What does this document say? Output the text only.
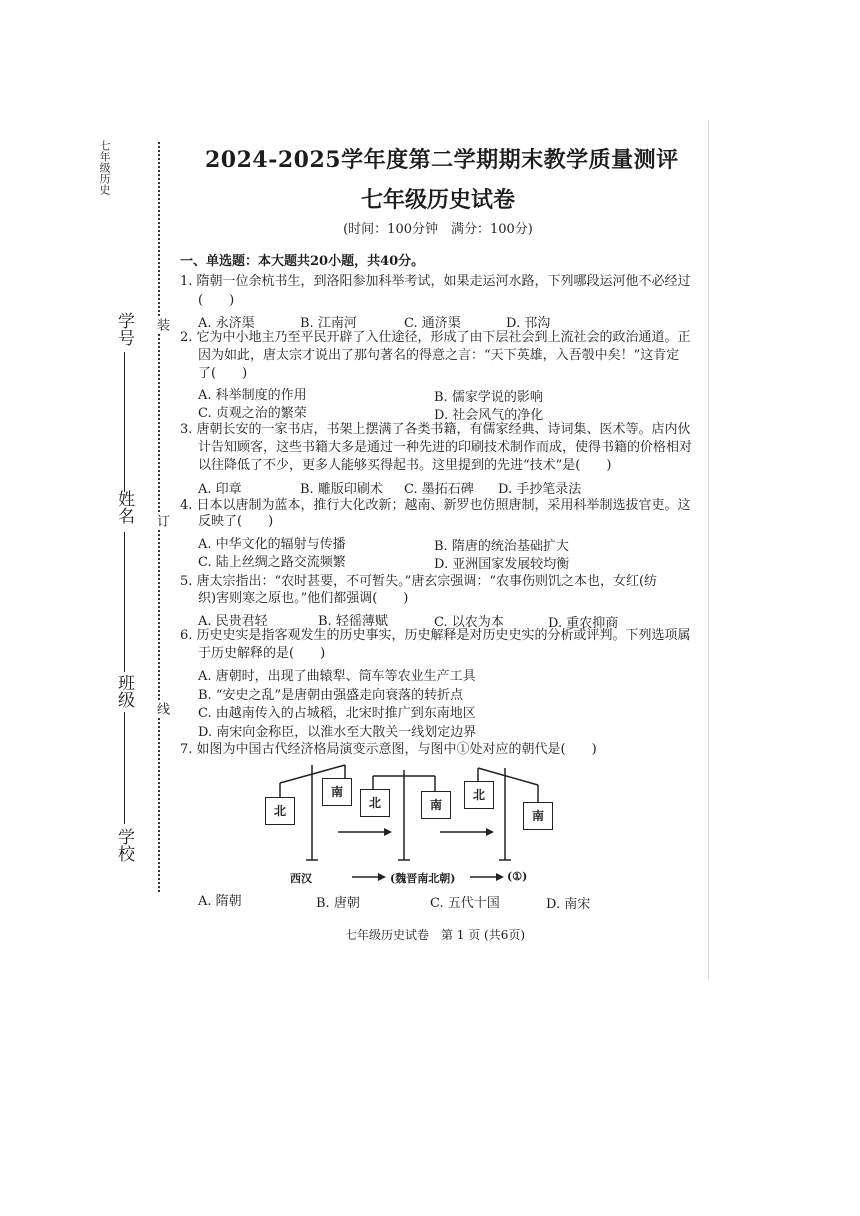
七年级历史
装
订
线
学号
姓名
班级
学校
2024-2025学年度第二学期期末教学质量测评
七年级历史试卷
(时间：100分钟　满分：100分)
一、单选题：本大题共20小题，共40分。
1. 隋朝一位余杭书生，到洛阳参加科举考试，如果走运河水路，下列哪段运河他不必经过
(　　)
A. 永济渠	B. 江南河	C. 通济渠	D. 邗沟
2. 它为中小地主乃至平民开辟了入仕途径，形成了由下层社会到上流社会的政治通道。正
因为如此，唐太宗才说出了那句著名的得意之言：“天下英雄，入吾彀中矣！”这肯定
了(　　)
A. 科举制度的作用	B. 儒家学说的影响
C. 贞观之治的繁荣	D. 社会风气的净化
3. 唐朝长安的一家书店，书架上摆满了各类书籍，有儒家经典、诗词集、医术等。店内伙
计告知顾客，这些书籍大多是通过一种先进的印刷技术制作而成，使得书籍的价格相对
以往降低了不少，更多人能够买得起书。这里提到的先进“技术”是(　　)
A. 印章	B. 雕版印刷术 C. 墨拓石碑 D. 手抄笔录法
4. 日本以唐制为蓝本，推行大化改新；越南、新罗也仿照唐制，采用科举制选拔官吏。这
反映了(　　)
A. 中华文化的辐射与传播	B. 隋唐的统治基础扩大
C. 陆上丝绸之路交流频繁	D. 亚洲国家发展较均衡
5. 唐太宗指出：“农时甚要，不可暂失。”唐玄宗强调：“农事伤则饥之本也，女红(纺
织)害则寒之原也。”他们都强调(　　)
A. 民贵君轻	B. 轻徭薄赋	C. 以农为本	D. 重农抑商
6. 历史史实是指客观发生的历史事实，历史解释是对历史史实的分析或评判。下列选项属
于历史解释的是(　　)
A. 唐朝时，出现了曲辕犁、筒车等农业生产工具
B. “安史之乱”是唐朝由强盛走向衰落的转折点
C. 由越南传入的占城稻，北宋时推广到东南地区
D. 南宋向金称臣，以淮水至大散关一线划定边界
7. 如图为中国古代经济格局演变示意图，与图中①处对应的朝代是(　　)
北
南
北	南
北
南
西汉	(魏晋南北朝)	(①)
A. 隋朝	B. 唐朝	C. 五代十国	D. 南宋
七年级历史试卷　第 1 页 (共6页)
